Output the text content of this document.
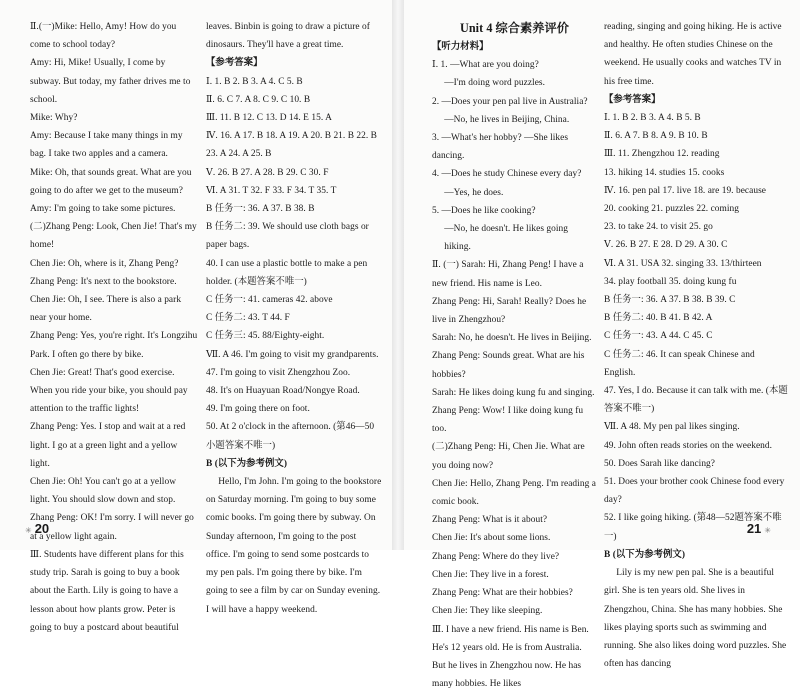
Ⅱ.(一)Mike: Hello, Amy! How do you come to school today?

Amy: Hi, Mike! Usually, I come by subway. But today, my father drives me to school.

Mike: Why?

Amy: Because I take many things in my bag. I take two apples and a camera.

Mike: Oh, that sounds great. What are you going to do after we get to the museum?

Amy: I'm going to take some pictures.

(二)Zhang Peng: Look, Chen Jie! That's my home!

Chen Jie: Oh, where is it, Zhang Peng?

Zhang Peng: It's next to the bookstore.

Chen Jie: Oh, I see. There is also a park near your home.

Zhang Peng: Yes, you're right. It's Longzihu Park. I often go there by bike.

Chen Jie: Great! That's good exercise. When you ride your bike, you should pay attention to the traffic lights!

Zhang Peng: Yes. I stop and wait at a red light. I go at a green light and a yellow light.

Chen Jie: Oh! You can't go at a yellow light. You should slow down and stop.

Zhang Peng: OK! I'm sorry. I will never go at a yellow light again.

Ⅲ. Students have different plans for this study trip. Sarah is going to buy a book about the Earth. Lily is going to have a lesson about how plants grow. Peter is going to buy a postcard about beautiful

leaves. Binbin is going to draw a picture of dinosaurs. They'll have a great time.

【参考答案】

Ⅰ. 1. B 2. B 3. A 4. C 5. B

Ⅱ. 6. C 7. A 8. C 9. C 10. B

Ⅲ. 11. B 12. C 13. D 14. E 15. A

Ⅳ. 16. A 17. B 18. A 19. A 20. B 21. B 22. B 23. A 24. A 25. B

Ⅴ. 26. B 27. A 28. B 29. C 30. F

Ⅵ. A 31. T 32. F 33. F 34. T 35. T

B 任务一: 36. A 37. B 38. B

B 任务二: 39. We should use cloth bags or paper bags.

40. I can use a plastic bottle to make a pen holder. (本题答案不唯一)

C 任务一: 41. cameras 42. above

C 任务二: 43. T 44. F

C 任务三: 45. 88/Eighty-eight.

Ⅶ. A 46. I'm going to visit my grandparents.

47. I'm going to visit Zhengzhou Zoo.

48. It's on Huayuan Road/Nongye Road.

49. I'm going there on foot.

50. At 2 o'clock in the afternoon. (第46—50小题答案不唯一)

B (以下为参考例文)

Hello, I'm John. I'm going to the bookstore on Saturday morning. I'm going to buy some comic books. I'm going there by subway. On Sunday afternoon, I'm going to the post office. I'm going to send some postcards to my pen pals. I'm going there by bike. I'm going to see a film by car on Sunday evening. I will have a happy weekend.

✳ 20

Unit 4 综合素养评价

【听力材料】

Ⅰ. 1. —What are you doing?

—I'm doing word puzzles.

2. —Does your pen pal live in Australia?

—No, he lives in Beijing, China.

3. —What's her hobby? —She likes dancing.

4. —Does he study Chinese every day?

—Yes, he does.

5. —Does he like cooking?

—No, he doesn't. He likes going hiking.

Ⅱ. (一) Sarah: Hi, Zhang Peng! I have a new friend. His name is Leo.

Zhang Peng: Hi, Sarah! Really? Does he live in Zhengzhou?

Sarah: No, he doesn't. He lives in Beijing.

Zhang Peng: Sounds great. What are his hobbies?

Sarah: He likes doing kung fu and singing.

Zhang Peng: Wow! I like doing kung fu too.

(二)Zhang Peng: Hi, Chen Jie. What are you doing now?

Chen Jie: Hello, Zhang Peng. I'm reading a comic book.

Zhang Peng: What is it about?

Chen Jie: It's about some lions.

Zhang Peng: Where do they live?

Chen Jie: They live in a forest.

Zhang Peng: What are their hobbies?

Chen Jie: They like sleeping.

Ⅲ. I have a new friend. His name is Ben. He's 12 years old. He is from Australia. But he lives in Zhengzhou now. He has many hobbies. He likes

reading, singing and going hiking. He is active and healthy. He often studies Chinese on the weekend. He usually cooks and watches TV in his free time.

【参考答案】

Ⅰ. 1. B 2. B 3. A 4. B 5. B

Ⅱ. 6. A 7. B 8. A 9. B 10. B

Ⅲ. 11. Zhengzhou 12. reading

13. hiking 14. studies 15. cooks

Ⅳ. 16. pen pal 17. live 18. are 19. because

20. cooking 21. puzzles 22. coming

23. to take 24. to visit 25. go

Ⅴ. 26. B 27. E 28. D 29. A 30. C

Ⅵ. A 31. USA 32. singing 33. 13/thirteen

34. play football 35. doing kung fu

B 任务一: 36. A 37. B 38. B 39. C

B 任务二: 40. B 41. B 42. A

C 任务一: 43. A 44. C 45. C

C 任务二: 46. It can speak Chinese and English.

47. Yes, I do. Because it can talk with me. (本题答案不唯一)

Ⅶ. A 48. My pen pal likes singing.

49. John often reads stories on the weekend.

50. Does Sarah like dancing?

51. Does your brother cook Chinese food every day?

52. I like going hiking. (第48—52题答案不唯一)

B (以下为参考例文)

Lily is my new pen pal. She is a beautiful girl. She is ten years old. She lives in Zhengzhou, China. She has many hobbies. She likes playing sports such as swimming and running. She also likes doing word puzzles. She often has dancing

21 ✳
